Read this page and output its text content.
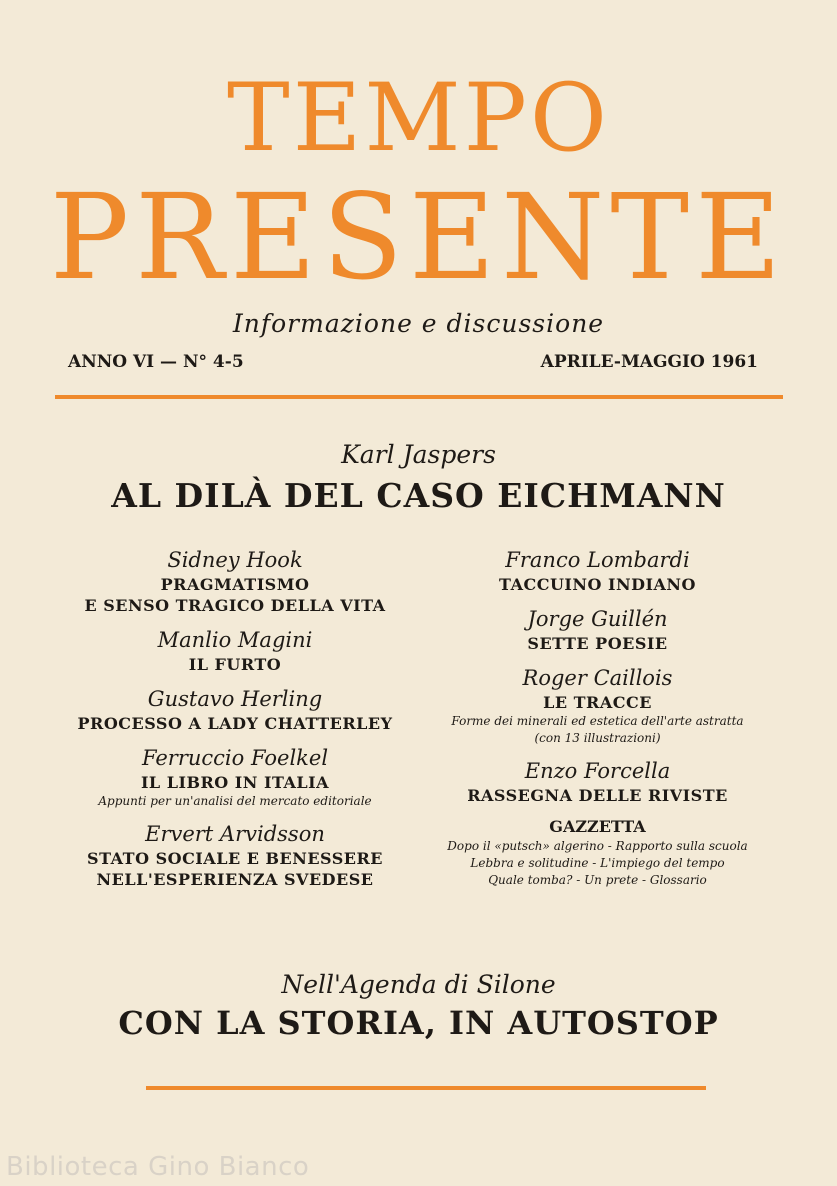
TEMPO
PRESENTE
Informazione e discussione
ANNO VI — N° 4-5	APRILE-MAGGIO 1961
Karl Jaspers
AL DILÀ DEL CASO EICHMANN
Sidney Hook
PRAGMATISMO
E SENSO TRAGICO DELLA VITA
Manlio Magini
IL FURTO
Gustavo Herling
PROCESSO A LADY CHATTERLEY
Ferruccio Foelkel
IL LIBRO IN ITALIA
Appunti per un'analisi del mercato editoriale
Ervert Arvidsson
STATO SOCIALE E BENESSERE
NELL'ESPERIENZA SVEDESE
Franco Lombardi
TACCUINO INDIANO
Jorge Guillén
SETTE POESIE
Roger Caillois
LE TRACCE
Forme dei minerali ed estetica dell'arte astratta
(con 13 illustrazioni)
Enzo Forcella
RASSEGNA DELLE RIVISTE
GAZZETTA
Dopo il «putsch» algerino - Rapporto sulla scuola
Lebbra e solitudine - L'impiego del tempo
Quale tomba? - Un prete - Glossario
Nell'Agenda di Silone
CON LA STORIA, IN AUTOSTOP
Biblioteca Gino Bianco
